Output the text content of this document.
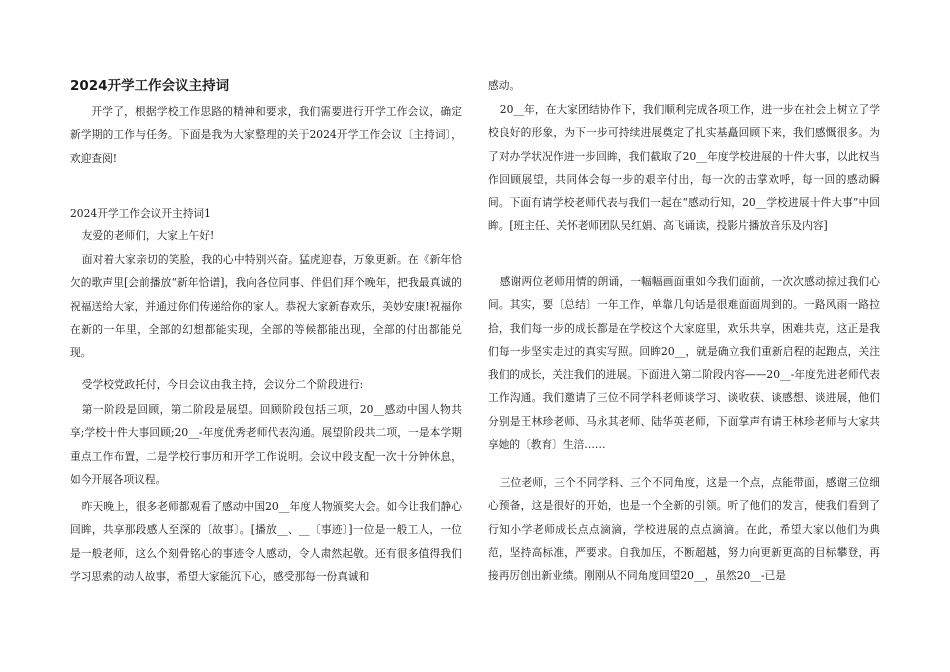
2024开学工作会议主持词

开学了，根据学校工作思路的精神和要求，我们需要进行开学工作会议，确定新学期的工作与任务。下面是我为大家整理的关于2024开学工作会议〔主持词〕，欢迎查阅!

2024开学工作会议开主持词1

友爱的老师们，大家上午好!

面对着大家亲切的笑脸，我的心中特别兴奋。猛虎迎春，万象更新。在《新年恰欠的歌声里[会前播放“新年恰谱]，我向各位同事、伴侣们拜个晚年，把我最真诚的祝福送给大家，并通过你们传递给你的家人。恭祝大家新春欢乐，美妙安康!祝福你在新的一年里，全部的幻想都能实现，全部的等候都能出现，全部的付出都能兑现。

受学校党政托付，今日会议由我主持，会议分二个阶段进行:

第一阶段是回顾，第二阶段是展望。回顾阶段包括三项，20__感动中国人物共享;学校十件大事回顾;20__-年度优秀老师代表沟通。展望阶段共二项，一是本学期重点工作布置，二是学校行事历和开学工作说明。会议中段支配一次十分钟休息，如今开展各项议程。

昨天晚上，很多老师都观看了感动中国20__年度人物颁奖大会。如今让我们静心回眸，共享那段感人至深的〔故事〕。[播放__、__〔事迹〕]一位是一般工人，一位是一般老师，这么个刻骨铭心的事迹令人感动，令人肃然起敬。还有很多值得我们学习思索的动人故事，希望大家能沉下心，感受那每一份真诚和

感动。

20__年，在大家团结协作下，我们顺利完成各项工作，进一步在社会上树立了学校良好的形象，为下一步可持续进展奠定了扎实基矗回顾下来，我们感慨很多。为了对办学状况作进一步回眸，我们截取了20__年度学校进展的十件大事，以此权当作回顾展望，共同体会每一步的艰辛付出，每一次的击掌欢呼，每一回的感动瞬间。下面有请学校老师代表与我们一起在“感动行知，20__学校进展十件大事”中回眸。[班主任、关怀老师团队吴红娟、高飞诵读，投影片播放音乐及内容]

感谢两位老师用情的朗诵，一幅幅画面重如今我们面前，一次次感动掠过我们心间。其实，要〔总结〕一年工作，单靠几句话是很难面面周到的。一路风雨一路拉拾，我们每一步的成长都是在学校这个大家庭里，欢乐共享，困难共克，这正是我们每一步坚实走过的真实写照。回眸20__，就是确立我们重新启程的起跑点，关注我们的成长，关注我们的进展。下面进入第二阶段内容——20__-年度先进老师代表工作沟通。我们邀请了三位不同学科老师谈学习、谈收获、谈感想、谈进展，他们分别是王林珍老师、马永其老师、陆华英老师，下面掌声有请王林珍老师与大家共享她的〔教育〕生涪……

三位老师，三个不同学科、三个不同角度，这是一个点，点能带面，感谢三位细心预备，这是很好的开始，也是一个全新的引领。听了他们的发言，使我们看到了行知小学老师成长点点滴滴，学校进展的点点滴滴。在此，希望大家以他们为典范，坚持高标准，严要求。自我加压，不断超越，努力向更新更高的目标攀登，再接再厉创出新业绩。刚刚从不同角度回望20__，虽然20__-已是
